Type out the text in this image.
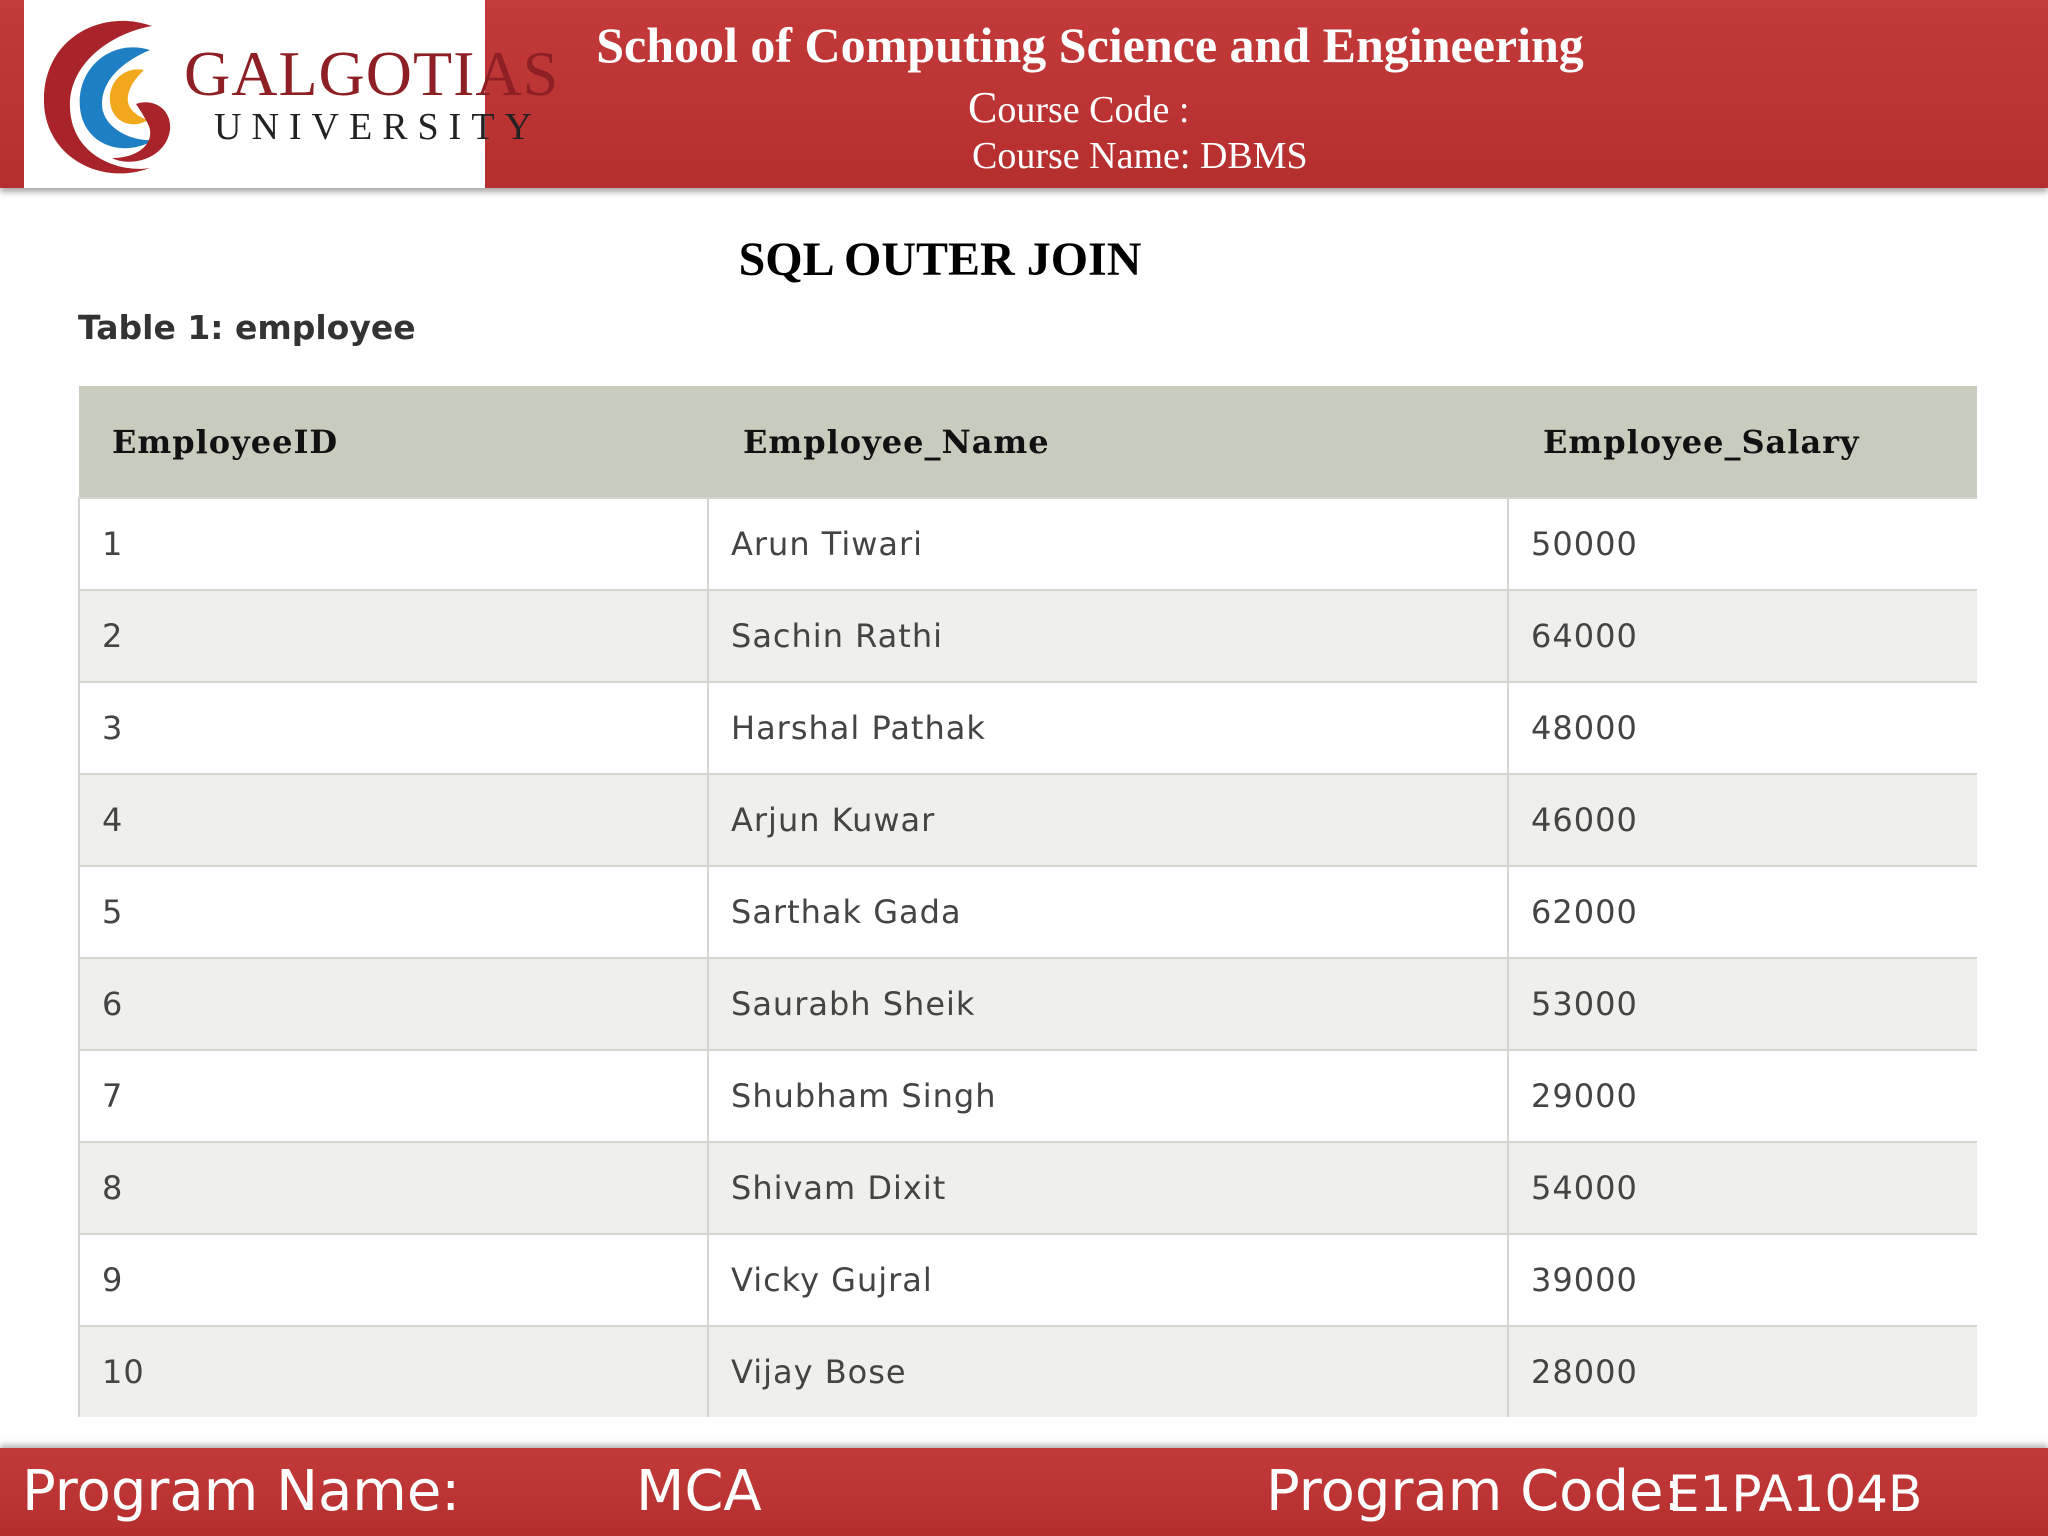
GALGOTIAS
UNIVERSITY
School of Computing Science and Engineering
Course Code :
Course Name: DBMS
SQL OUTER JOIN
Table 1: employee
EmployeeID	Employee_Name	Employee_Salary
1	Arun Tiwari	50000
2	Sachin Rathi	64000
3	Harshal Pathak	48000
4	Arjun Kuwar	46000
5	Sarthak Gada	62000
6	Saurabh Sheik	53000
7	Shubham Singh	29000
8	Shivam Dixit	54000
9	Vicky Gujral	39000
10	Vijay Bose	28000
Program Name:	MCA	Program Code:
E1PA104B
